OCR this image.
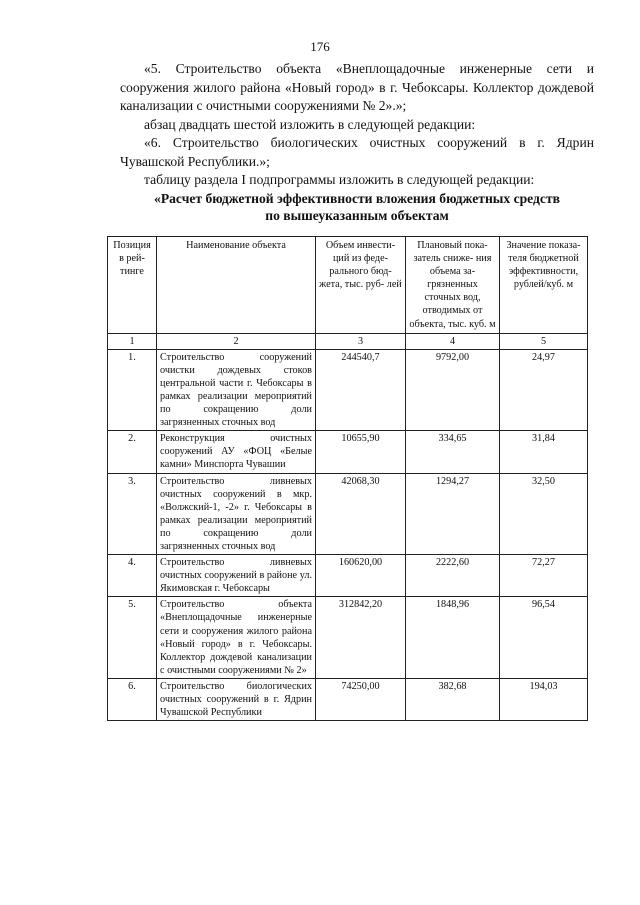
176

«5. Строительство объекта «Внеплощадочные инженерные сети и сооружения жилого района «Новый город» в г. Чебоксары. Коллектор дождевой канализации с очистными сооружениями № 2».»;

абзац двадцать шестой изложить в следующей редакции:

«6. Строительство биологических очистных сооружений в г. Ядрин Чувашской Республики.»;

таблицу раздела I подпрограммы изложить в следующей редакции:

«Расчет бюджетной эффективности вложения бюджетных средств
по вышеуказанным объектам
Позиция в рей- тинге	Наименование объекта	Объем инвести- ций из феде- рального бюд- жета, тыс. руб- лей	Плановый пока- затель сниже- ния объема за- грязненных сточных вод, отводимых от объекта, тыс. куб. м	Значение показа- теля бюджетной эффективности, рублей/куб. м
1	2	3	4	5
1.	Строительство сооружений очистки дождевых стоков центральной части г. Чебоксары в рамках реализации мероприятий по сокращению доли загрязненных сточных вод	244540,7	9792,00	24,97
2.	Реконструкция очистных сооружений АУ «ФОЦ «Белые камни» Минспорта Чувашии	10655,90	334,65	31,84
3.	Строительство ливневых очистных сооружений в мкр. «Волжский-1, -2» г. Чебоксары в рамках реализации мероприятий по сокращению доли загрязненных сточных вод	42068,30	1294,27	32,50
4.	Строительство ливневых очистных сооружений в районе ул. Якимовская г. Чебоксары	160620,00	2222,60	72,27
5.	Строительство объекта «Внеплощадочные инженерные сети и сооружения жилого района «Новый город» в г. Чебоксары. Коллектор дождевой канализации с очистными сооружениями № 2»	312842,20	1848,96	96,54
6.	Строительство биологических очистных сооружений в г. Ядрин Чувашской Республики	74250,00	382,68	194,03
